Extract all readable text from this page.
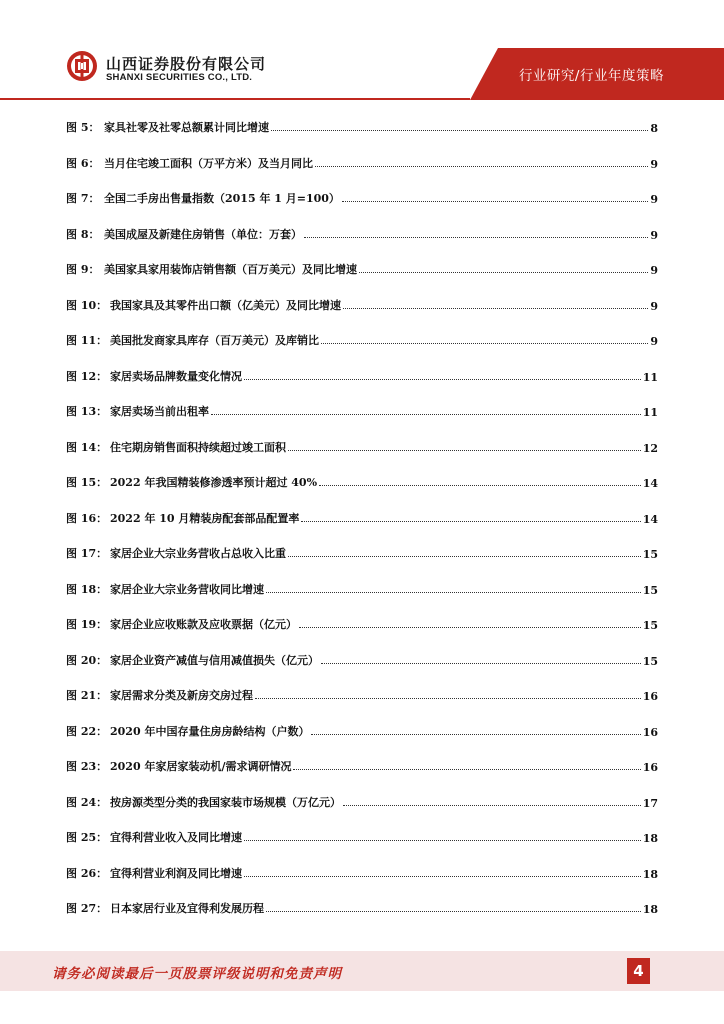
山西证券股份有限公司
SHANXI SECURITIES CO., LTD.	行业研究/行业年度策略
图 5： 家具社零及社零总额累计同比增速	8
图 6： 当月住宅竣工面积（万平方米）及当月同比	9
图 7： 全国二手房出售量指数（2015 年 1 月=100）	9
图 8： 美国成屋及新建住房销售（单位：万套）	9
图 9： 美国家具家用装饰店销售额（百万美元）及同比增速	9
图 10： 我国家具及其零件出口额（亿美元）及同比增速	9
图 11： 美国批发商家具库存（百万美元）及库销比	9
图 12： 家居卖场品牌数量变化情况	11
图 13： 家居卖场当前出租率	11
图 14： 住宅期房销售面积持续超过竣工面积	12
图 15： 2022 年我国精装修渗透率预计超过 40%	14
图 16： 2022 年 10 月精装房配套部品配置率	14
图 17： 家居企业大宗业务营收占总收入比重	15
图 18： 家居企业大宗业务营收同比增速	15
图 19： 家居企业应收账款及应收票据（亿元）	15
图 20： 家居企业资产减值与信用减值损失（亿元）	15
图 21： 家居需求分类及新房交房过程	16
图 22： 2020 年中国存量住房房龄结构（户数）	16
图 23： 2020 年家居家装动机/需求调研情况	16
图 24： 按房源类型分类的我国家装市场规模（万亿元）	17
图 25： 宜得利营业收入及同比增速	18
图 26： 宜得利营业利润及同比增速	18
图 27： 日本家居行业及宜得利发展历程	18
请务必阅读最后一页股票评级说明和免责声明	4
